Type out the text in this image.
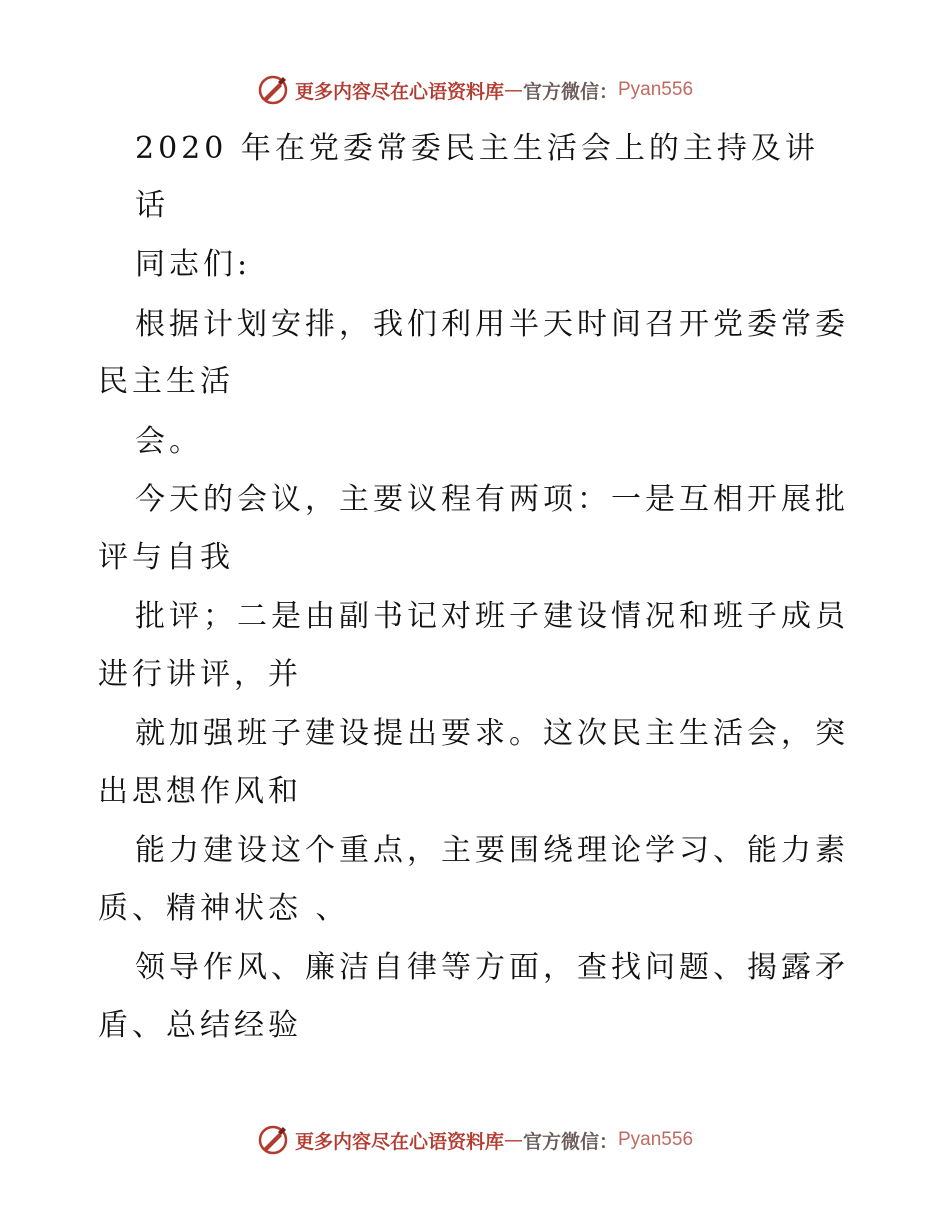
更多内容尽在心语资料库 — 官方微信： Pyan556
2020 年在党委常委民主生活会上的主持及讲
话
同志们:
根据计划安排，我们利用半天时间召开党委常委
民主生活
会。
今天的会议，主要议程有两项：一是互相开展批
评与自我
批评；二是由副书记对班子建设情况和班子成员
进行讲评，并
就加强班子建设提出要求。这次民主生活会，突
出思想作风和
能力建设这个重点，主要围绕理论学习、能力素
质、精神状态 、
领导作风、廉洁自律等方面，查找问题、揭露矛
盾、总结经验
更多内容尽在心语资料库 — 官方微信： Pyan556
